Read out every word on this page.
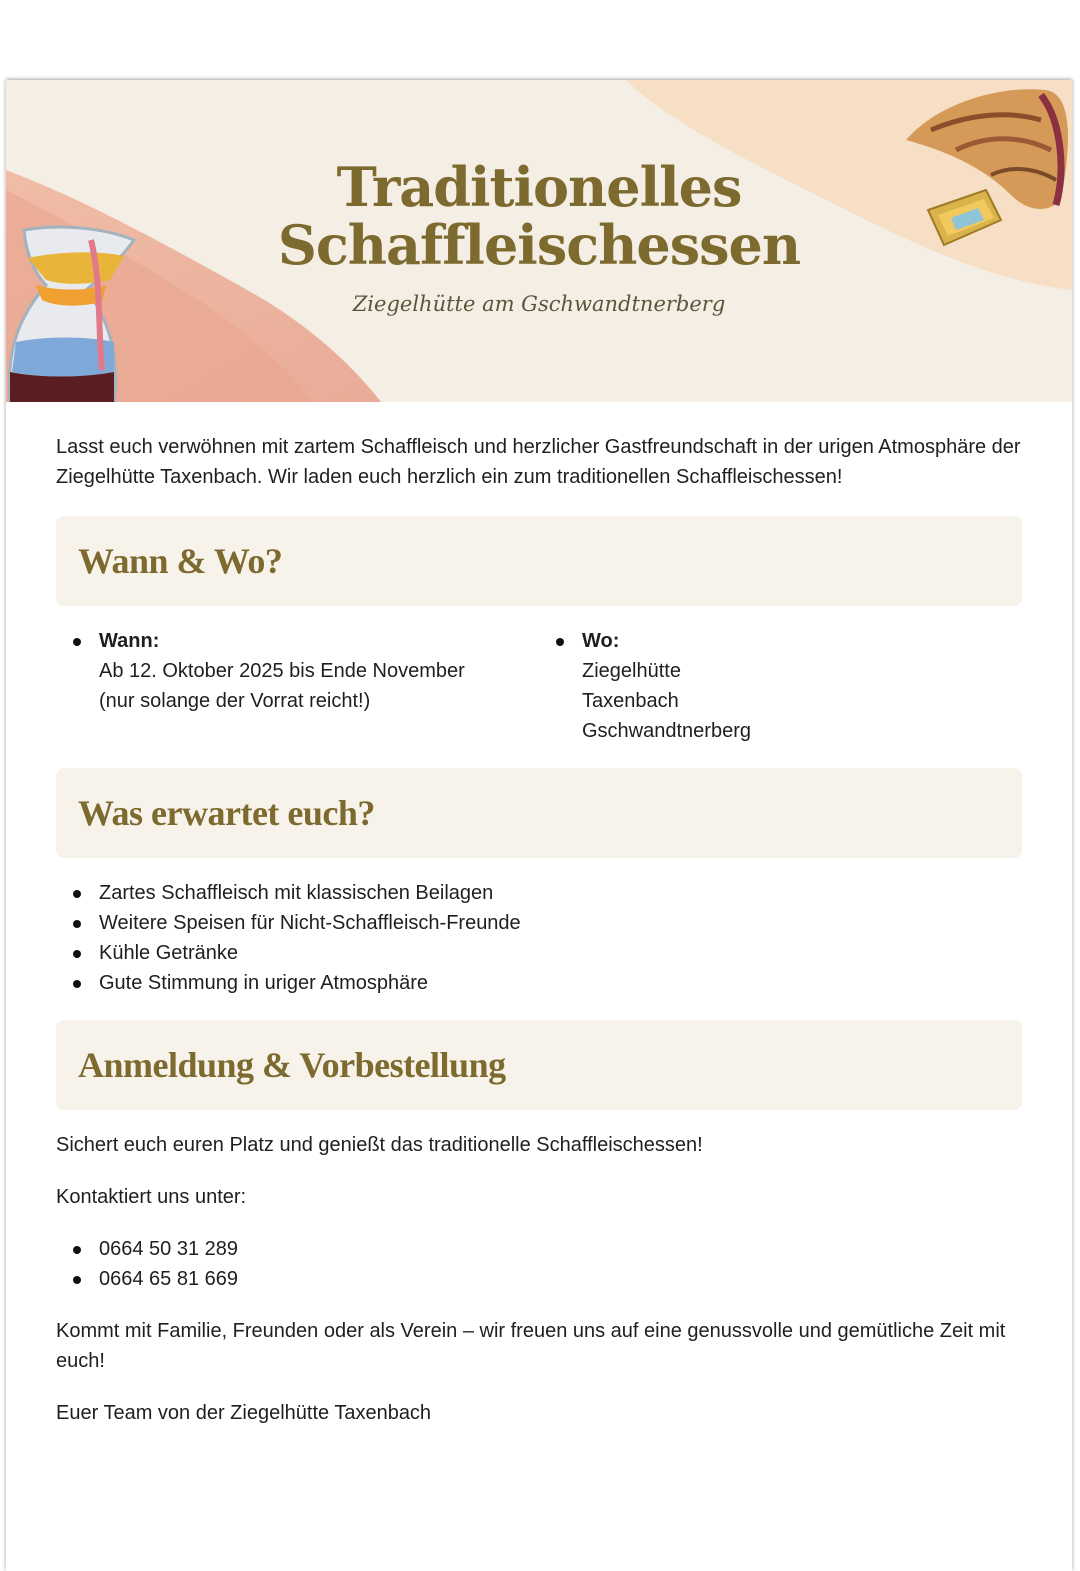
Traditionelles
Schaffleischessen
Ziegelhütte am Gschwandtnerberg

Lasst euch verwöhnen mit zartem Schaffleisch und herzlicher Gastfreundschaft in der urigen Atmosphäre der Ziegelhütte Taxenbach. Wir laden euch herzlich ein zum traditionellen Schaffleischessen!

Wann & Wo?
Wann:
Ab 12. Oktober 2025 bis Ende November
(nur solange der Vorrat reicht!)
Wo:
Ziegelhütte
Taxenbach
Gschwandtnerberg
Was erwartet euch?
Zartes Schaffleisch mit klassischen Beilagen
Weitere Speisen für Nicht-Schaffleisch-Freunde
Kühle Getränke
Gute Stimmung in uriger Atmosphäre
Anmeldung & Vorbestellung

Sichert euch euren Platz und genießt das traditionelle Schaffleischessen!

Kontaktiert uns unter:

0664 50 31 289
0664 65 81 669

Kommt mit Familie, Freunden oder als Verein – wir freuen uns auf eine genussvolle und gemütliche Zeit mit euch!

Euer Team von der Ziegelhütte Taxenbach
